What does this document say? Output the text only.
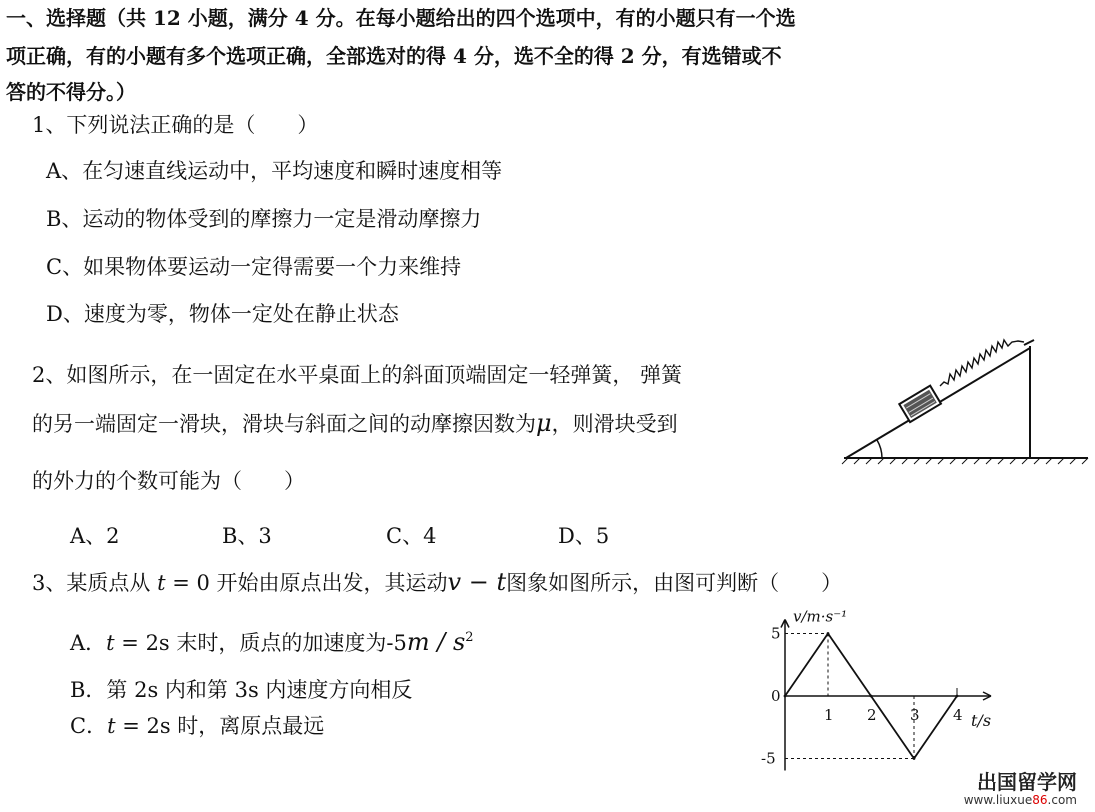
一、选择题（共 12 小题，满分 4 分。在每小题给出的四个选项中，有的小题只有一个选
项正确，有的小题有多个选项正确，全部选对的得 4 分，选不全的得 2 分，有选错或不
答的不得分。）
1、下列说法正确的是（　　）
A、在匀速直线运动中，平均速度和瞬时速度相等
B、运动的物体受到的摩擦力一定是滑动摩擦力
C、如果物体要运动一定得需要一个力来维持
D、速度为零，物体一定处在静止状态
2、如图所示，在一固定在水平桌面上的斜面顶端固定一轻弹簧， 弹簧
的另一端固定一滑块，滑块与斜面之间的动摩擦因数为μ，则滑块受到
的外力的个数可能为（　　）
A、2	B、3	C、4	D、5
3、某质点从 t = 0 开始由原点出发，其运动v − t图象如图所示，由图可判断（　　）
A．t = 2s 末时，质点的加速度为$-5m / s^2$
B．第 2s 内和第 3s 内速度方向相反
C．t = 2s 时，离原点最远	1 2 3 4
5
0
-5
v/m·s⁻¹
t/s
出国留学网
www.liuxue86.com
